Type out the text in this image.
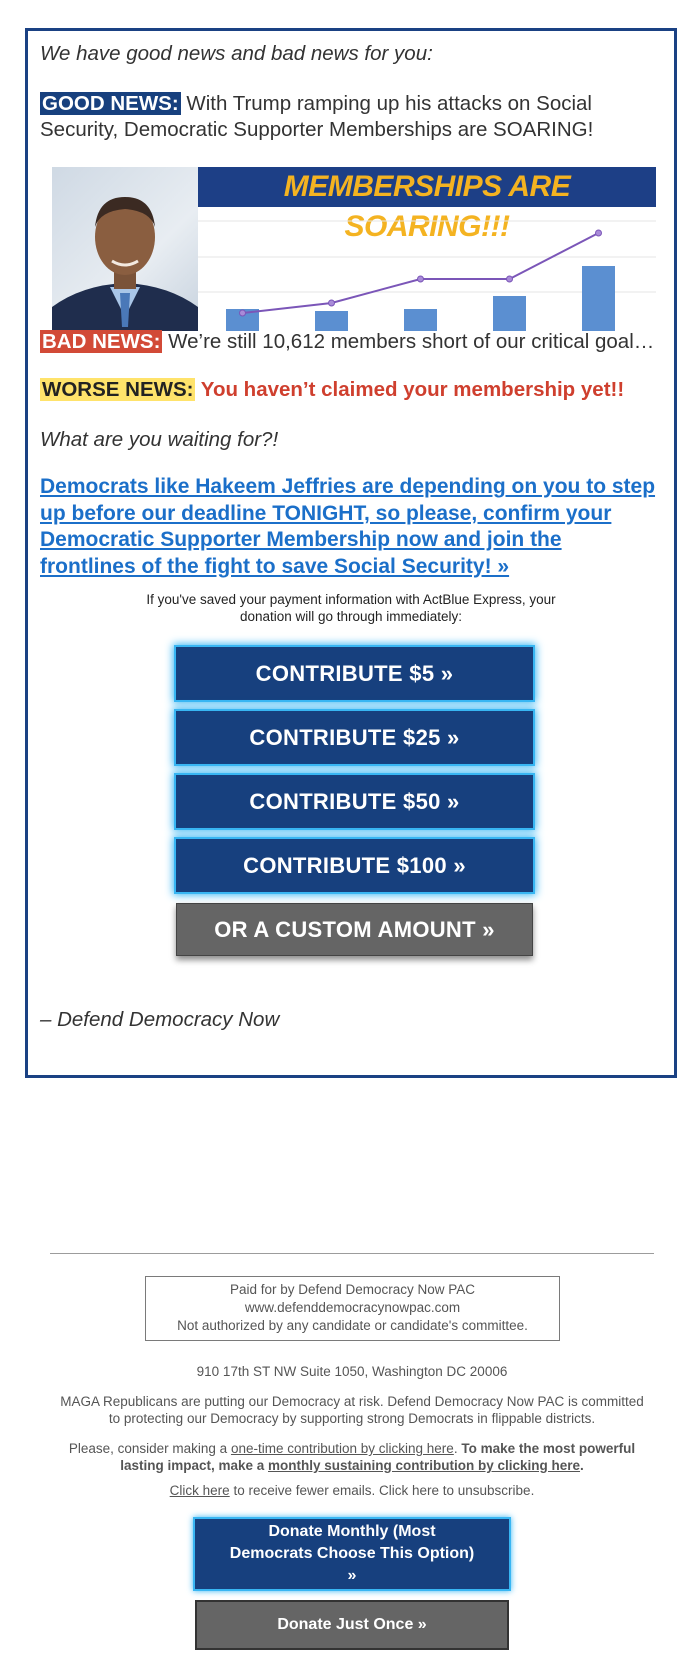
We have good news and bad news for you:

GOOD NEWS: With Trump ramping up his attacks on Social Security, Democratic Supporter Memberships are SOARING!

MEMBERSHIPS ARE SOARING!!!

BAD NEWS: We’re still 10,612 members short of our critical goal…

WORSE NEWS: You haven’t claimed your membership yet!!

What are you waiting for?!

Democrats like Hakeem Jeffries are depending on you to step up before our deadline TONIGHT, so please, confirm your Democratic Supporter Membership now and join the frontlines of the fight to save Social Security! »

If you've saved your payment information with ActBlue Express, your donation will go through immediately:
CONTRIBUTE $5 »
CONTRIBUTE $25 »
CONTRIBUTE $50 »
CONTRIBUTE $100 »
OR A CUSTOM AMOUNT »

– Defend Democracy Now

Paid for by Defend Democracy Now PAC
www.defenddemocracynowpac.com
Not authorized by any candidate or candidate's committee.
910 17th ST NW Suite 1050, Washington DC 20006
MAGA Republicans are putting our Democracy at risk. Defend Democracy Now PAC is committed to protecting our Democracy by supporting strong Democrats in flippable districts.
Please, consider making a one-time contribution by clicking here. To make the most powerful lasting impact, make a monthly sustaining contribution by clicking here.
Click here to receive fewer emails. Click here to unsubscribe.
Donate Monthly (Most Democrats Choose This Option) »
Donate Just Once »
